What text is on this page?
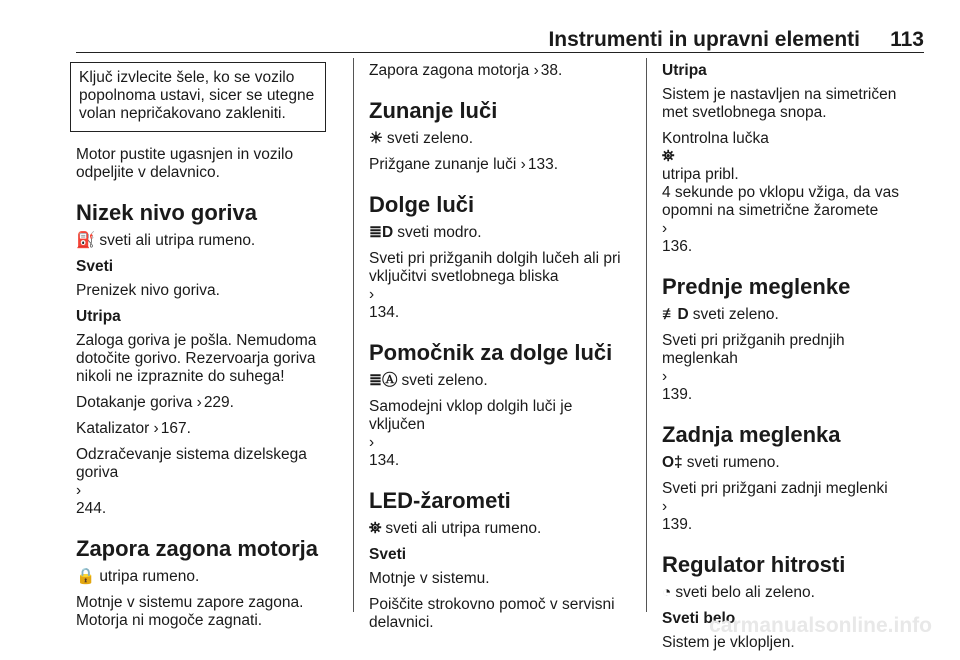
Instrumenti in upravni elementi 113

Ključ izvlecite šele, ko se vozilo
popolnoma ustavi, sicer se utegne
volan nepričakovano zakleniti.

Motor pustite ugasnjen in vozilo
odpeljite v delavnico.

Nizek nivo goriva

⛽ sveti ali utripa rumeno.

Sveti

Prenizek nivo goriva.

Utripa

Zaloga goriva je pošla. Nemudoma
dotočite gorivo. Rezervoarja goriva
nikoli ne izpraznite do suhega!

Dotakanje goriva › 229.

Katalizator › 167.

Odzračevanje sistema dizelskega
goriva
›
244.

Zapora zagona motorja

🔒 utripa rumeno.

Motnje v sistemu zapore zagona.
Motorja ni mogoče zagnati.

Zapora zagona motorja › 38.

Zunanje luči

☀ sveti zeleno.

Prižgane zunanje luči › 133.

Dolge luči

≣D sveti modro.

Sveti pri prižganih dolgih lučeh ali pri
vključitvi svetlobnega bliska
›
134.

Pomočnik za dolge luči

≣Ⓐ sveti zeleno.

Samodejni vklop dolgih luči je
vključen
›
134.

LED-žarometi

⛯ sveti ali utripa rumeno.

Sveti

Motnje v sistemu.

Poiščite strokovno pomoč v servisni
delavnici.

Utripa

Sistem je nastavljen na simetričen
met svetlobnega snopa.

Kontrolna lučka
⛯
utripa pribl.
4 sekunde po vklopu vžiga, da vas
opomni na simetrične žaromete
›
136.

Prednje meglenke

≢D sveti zeleno.

Sveti pri prižganih prednjih
meglenkah
›
139.

Zadnja meglenka

O‡ sveti rumeno.

Sveti pri prižgani zadnji meglenki
›
139.

Regulator hitrosti

◔ sveti belo ali zeleno.

Sveti belo

Sistem je vklopljen.

carmanualsonline.info
